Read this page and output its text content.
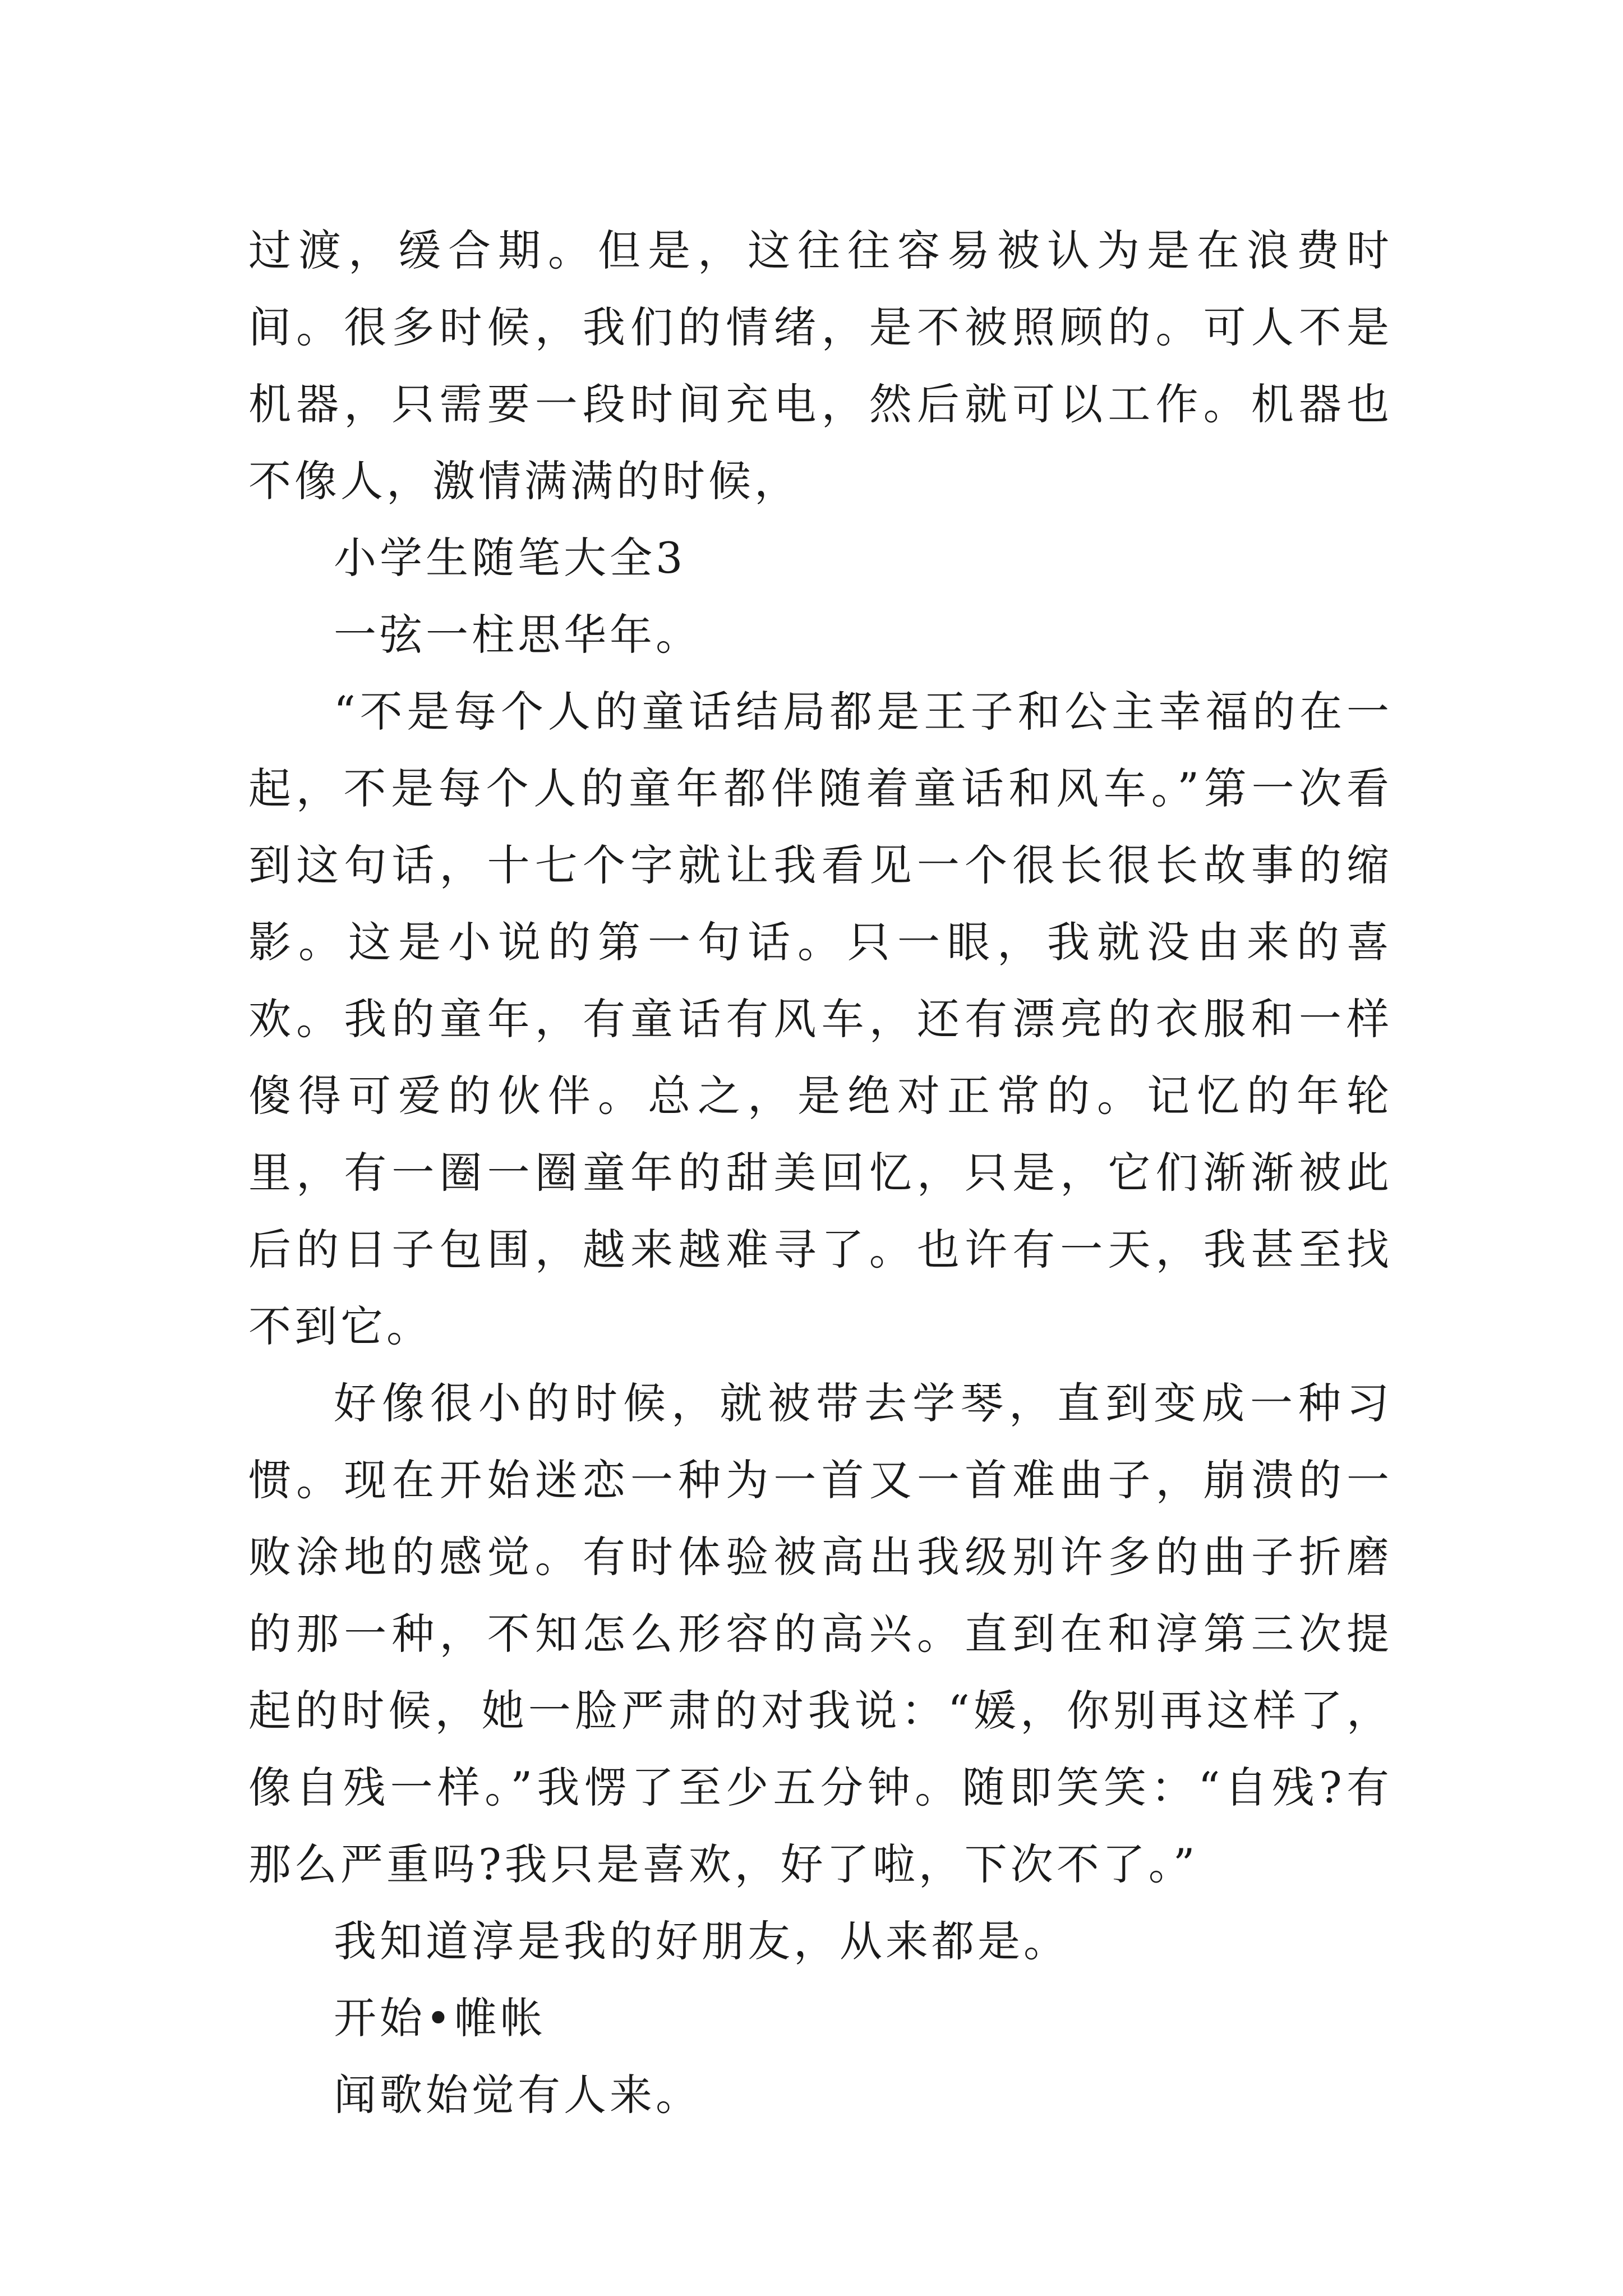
过渡，缓合期。但是，这往往容易被认为是在浪费时间。很多时候，我们的情绪，是不被照顾的。可人不是机器，只需要一段时间充电，然后就可以工作。机器也不像人，激情满满的时候，

小学生随笔大全3

一弦一柱思华年。

“不是每个人的童话结局都是王子和公主幸福的在一起，不是每个人的童年都伴随着童话和风车。”第一次看到这句话，十七个字就让我看见一个很长很长故事的缩影。这是小说的第一句话。只一眼，我就没由来的喜欢。我的童年，有童话有风车，还有漂亮的衣服和一样傻得可爱的伙伴。总之，是绝对正常的。记忆的年轮里，有一圈一圈童年的甜美回忆，只是，它们渐渐被此后的日子包围，越来越难寻了。也许有一天，我甚至找不到它。

好像很小的时候，就被带去学琴，直到变成一种习惯。现在开始迷恋一种为一首又一首难曲子，崩溃的一败涂地的感觉。有时体验被高出我级别许多的曲子折磨的那一种，不知怎么形容的高兴。直到在和淳第三次提起的时候，她一脸严肃的对我说：“媛，你别再这样了，像自残一样。”我愣了至少五分钟。随即笑笑：“自残?有那么严重吗?我只是喜欢，好了啦，下次不了。”

我知道淳是我的好朋友，从来都是。

开始•帷帐

闻歌始觉有人来。
